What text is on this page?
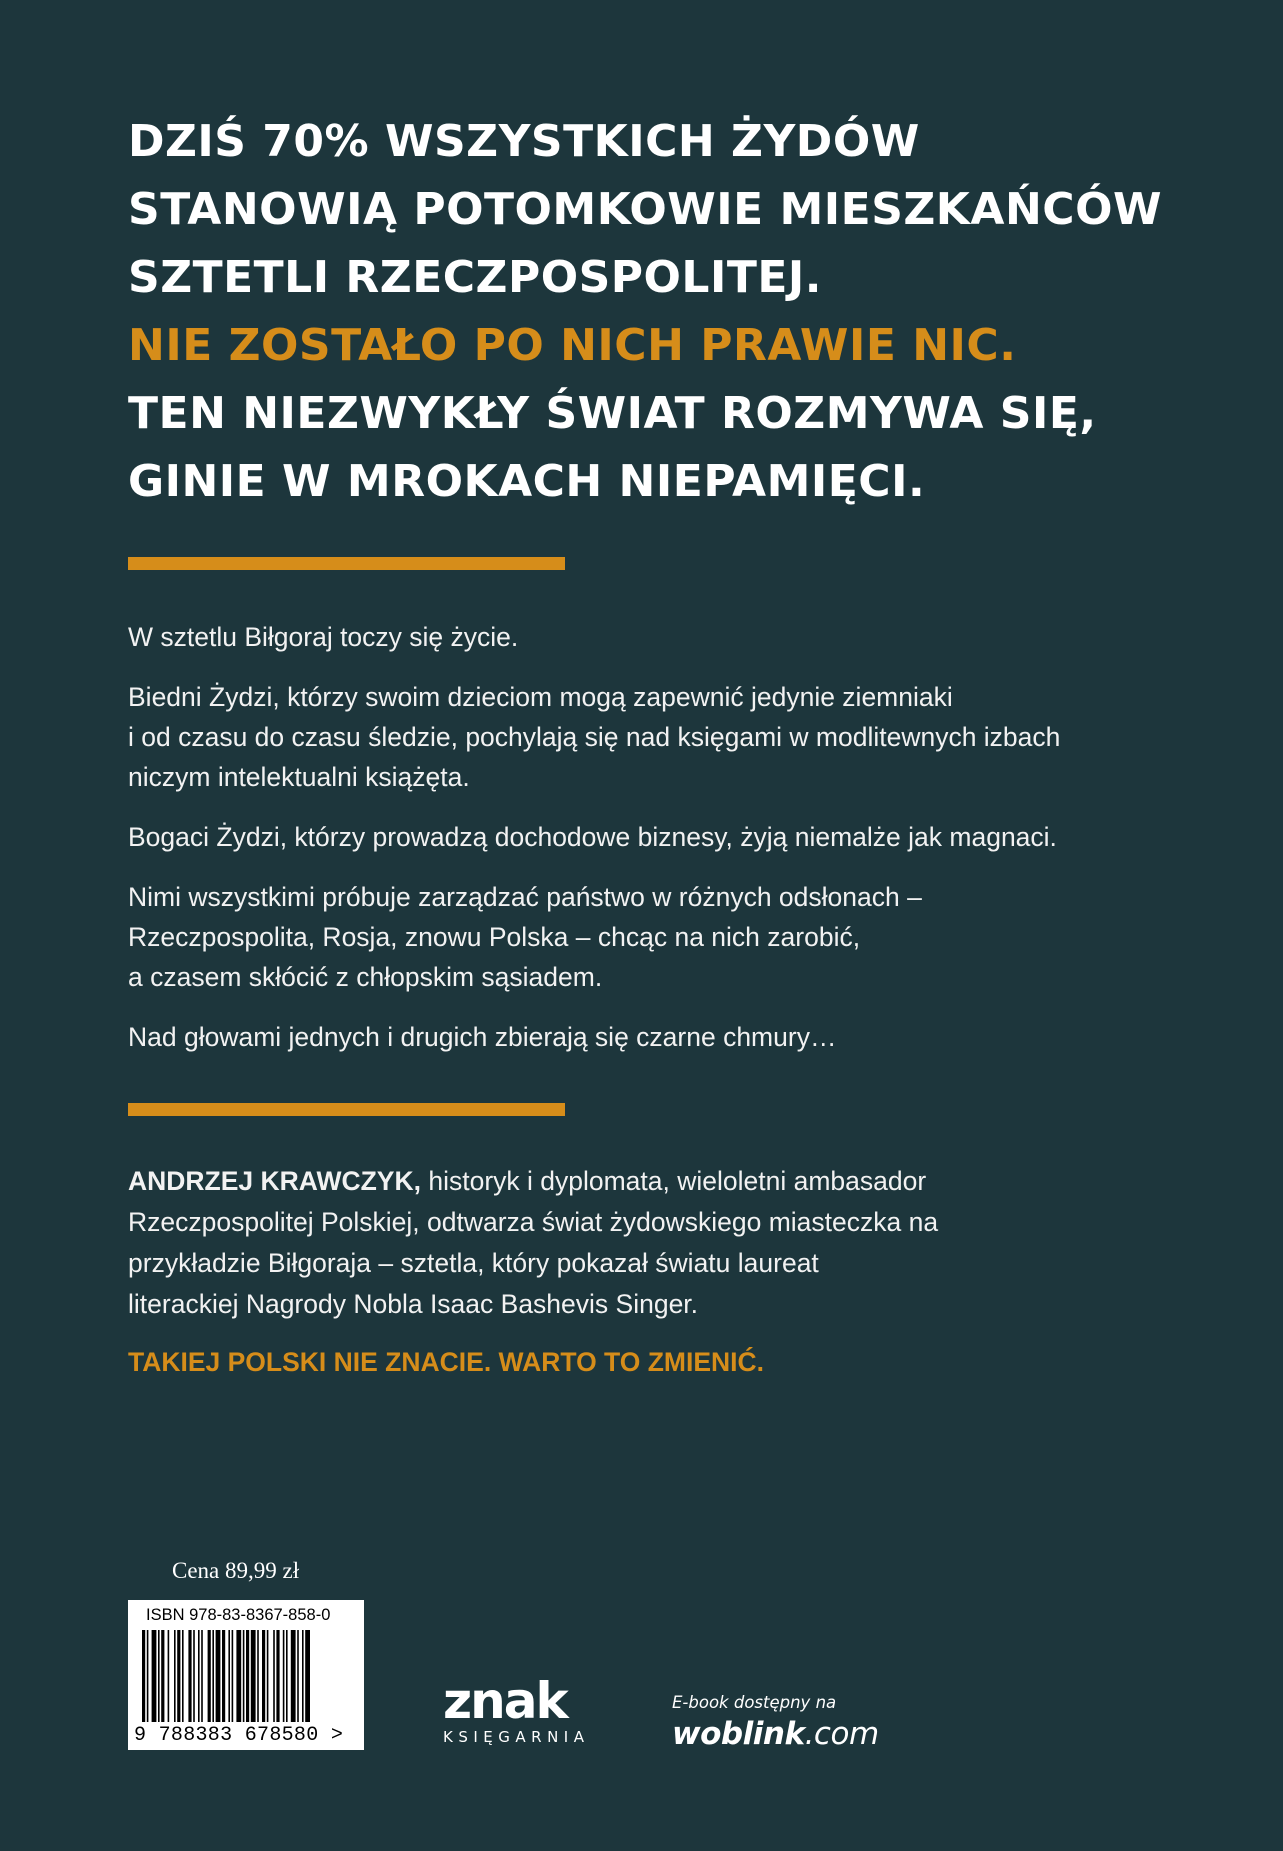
DZIŚ 70% WSZYSTKICH ŻYDÓW
STANOWIĄ POTOMKOWIE MIESZKAŃCÓW
SZTETLI RZECZPOSPOLITEJ.
NIE ZOSTAŁO PO NICH PRAWIE NIC.
TEN NIEZWYKŁY ŚWIAT ROZMYWA SIĘ,
GINIE W MROKACH NIEPAMIĘCI.

W sztetlu Biłgoraj toczy się życie.

Biedni Żydzi, którzy swoim dzieciom mogą zapewnić jedynie ziemniaki
i od czasu do czasu śledzie, pochylają się nad księgami w modlitewnych izbach
niczym intelektualni książęta.

Bogaci Żydzi, którzy prowadzą dochodowe biznesy, żyją niemalże jak magnaci.

Nimi wszystkimi próbuje zarządzać państwo w różnych odsłonach –
Rzeczpospolita, Rosja, znowu Polska – chcąc na nich zarobić,
a czasem skłócić z chłopskim sąsiadem.

Nad głowami jednych i drugich zbierają się czarne chmury…

ANDRZEJ KRAWCZYK, historyk i dyplomata, wieloletni ambasador
Rzeczpospolitej Polskiej, odtwarza świat żydowskiego miasteczka na
przykładzie Biłgoraja – sztetla, który pokazał światu laureat
literackiej Nagrody Nobla Isaac Bashevis Singer.
TAKIEJ POLSKI NIE ZNACIE. WARTO TO ZMIENIĆ.
Cena 89,99 zł
ISBN 978-83-8367-858-0
9 788383 678580 >
znak
KSIĘGARNIA
E-book dostępny na
woblink.com
